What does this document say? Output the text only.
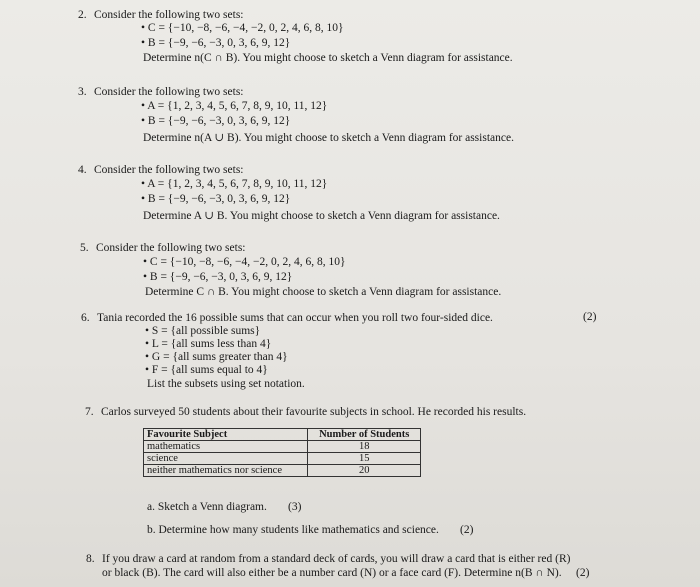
2. Consider the following two sets:
• C = {−10, −8, −6, −4, −2, 0, 2, 4, 6, 8, 10}
• B = {−9, −6, −3, 0, 3, 6, 9, 12}
Determine n(C ∩ B). You might choose to sketch a Venn diagram for assistance.
3. Consider the following two sets:
• A = {1, 2, 3, 4, 5, 6, 7, 8, 9, 10, 11, 12}
• B = {−9, −6, −3, 0, 3, 6, 9, 12}
Determine n(A ∪ B). You might choose to sketch a Venn diagram for assistance.
4. Consider the following two sets:
• A = {1, 2, 3, 4, 5, 6, 7, 8, 9, 10, 11, 12}
• B = {−9, −6, −3, 0, 3, 6, 9, 12}
Determine A ∪ B. You might choose to sketch a Venn diagram for assistance.
5. Consider the following two sets:
• C = {−10, −8, −6, −4, −2, 0, 2, 4, 6, 8, 10}
• B = {−9, −6, −3, 0, 3, 6, 9, 12}
Determine C ∩ B. You might choose to sketch a Venn diagram for assistance.
6. Tania recorded the 16 possible sums that can occur when you roll two four-sided dice.	(2)
• S = {all possible sums}
• L = {all sums less than 4}
• G = {all sums greater than 4}
• F = {all sums equal to 4}
List the subsets using set notation.
7. Carlos surveyed 50 students about their favourite subjects in school. He recorded his results.
Favourite Subject	Number of Students
mathematics	18
science	15
neither mathematics nor science	20
a. Sketch a Venn diagram. (3)
b. Determine how many students like mathematics and science. (2)
8. If you draw a card at random from a standard deck of cards, you will draw a card that is either red (R)
or black (B). The card will also either be a number card (N) or a face card (F). Determine n(B ∩ N). (2)
